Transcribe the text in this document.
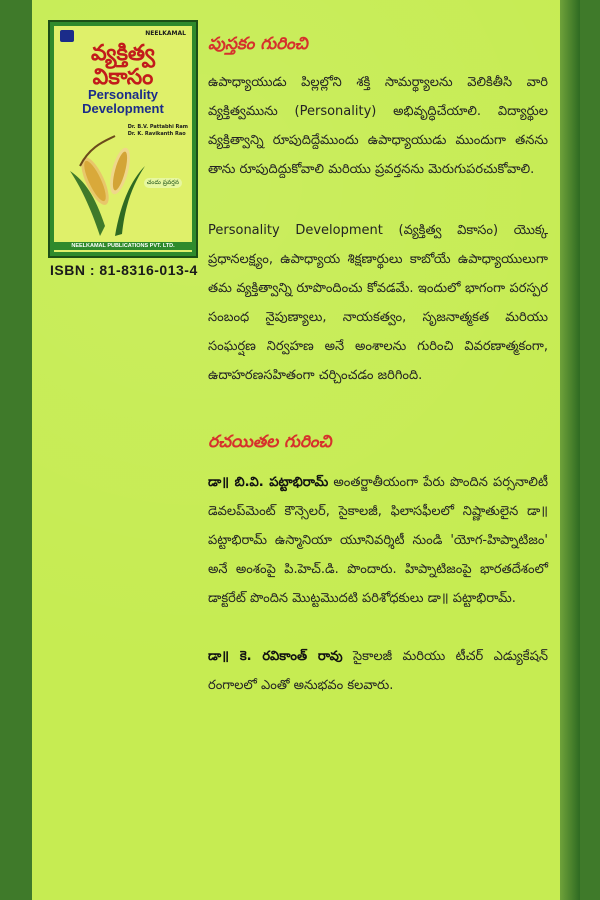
NEELKAMAL
వ్యక్తిత్వ
వికాసం
Personality
Development
Dr. B.V. Pattabhi Ram
Dr. K. Ravikanth Rao
చందు ప్రవర్తన
NEELKAMAL PUBLICATIONS PVT. LTD.
ISBN : 81-8316-013-4
పుస్తకం గురించి
ఉపాధ్యాయుడు పిల్లల్లోని శక్తి సామర్థ్యాలను వెలికితీసి వారి వ్యక్తిత్వమును (Personality) అభివృద్ధిచేయాలి. విద్యార్థుల వ్యక్తిత్వాన్ని రూపుదిద్దేముందు ఉపాధ్యాయుడు ముందుగా తనను తాను రూపుదిద్దుకోవాలి మరియు ప్రవర్తనను మెరుగుపరచుకోవాలి.
Personality Development (వ్యక్తిత్వ వికాసం) యొక్క ప్రధానలక్ష్యం, ఉపాధ్యాయ శిక్షణార్థులు కాబోయే ఉపాధ్యాయులుగా తమ వ్యక్తిత్వాన్ని రూపొందించు కోవడమే. ఇందులో భాగంగా పరస్పర సంబంధ నైపుణ్యాలు, నాయకత్వం, సృజనాత్మకత మరియు సంఘర్షణ నిర్వహణ అనే అంశాలను గురించి వివరణాత్మకంగా, ఉదాహరణసహితంగా చర్చించడం జరిగింది.
రచయితల గురించి
డా॥ బి.వి. పట్టాభిరామ్ అంతర్జాతీయంగా పేరు పొందిన పర్సనాలిటీ డెవలప్‌మెంట్ కౌన్సెలర్, సైకాలజీ, ఫిలాసఫీలలో నిష్ణాతులైన డా॥ పట్టాభిరామ్ ఉస్మానియా యూనివర్శిటీ నుండి 'యోగ-హిప్నాటిజం' అనే అంశంపై పి.హెచ్.డి. పొందారు. హిప్నాటిజంపై భారతదేశంలో డాక్టరేట్ పొందిన మొట్టమొదటి పరిశోధకులు డా॥ పట్టాభిరామ్.
డా॥ కె. రవికాంత్ రావు సైకాలజీ మరియు టీచర్ ఎడ్యుకేషన్ రంగాలలో ఎంతో అనుభవం కలవారు.
